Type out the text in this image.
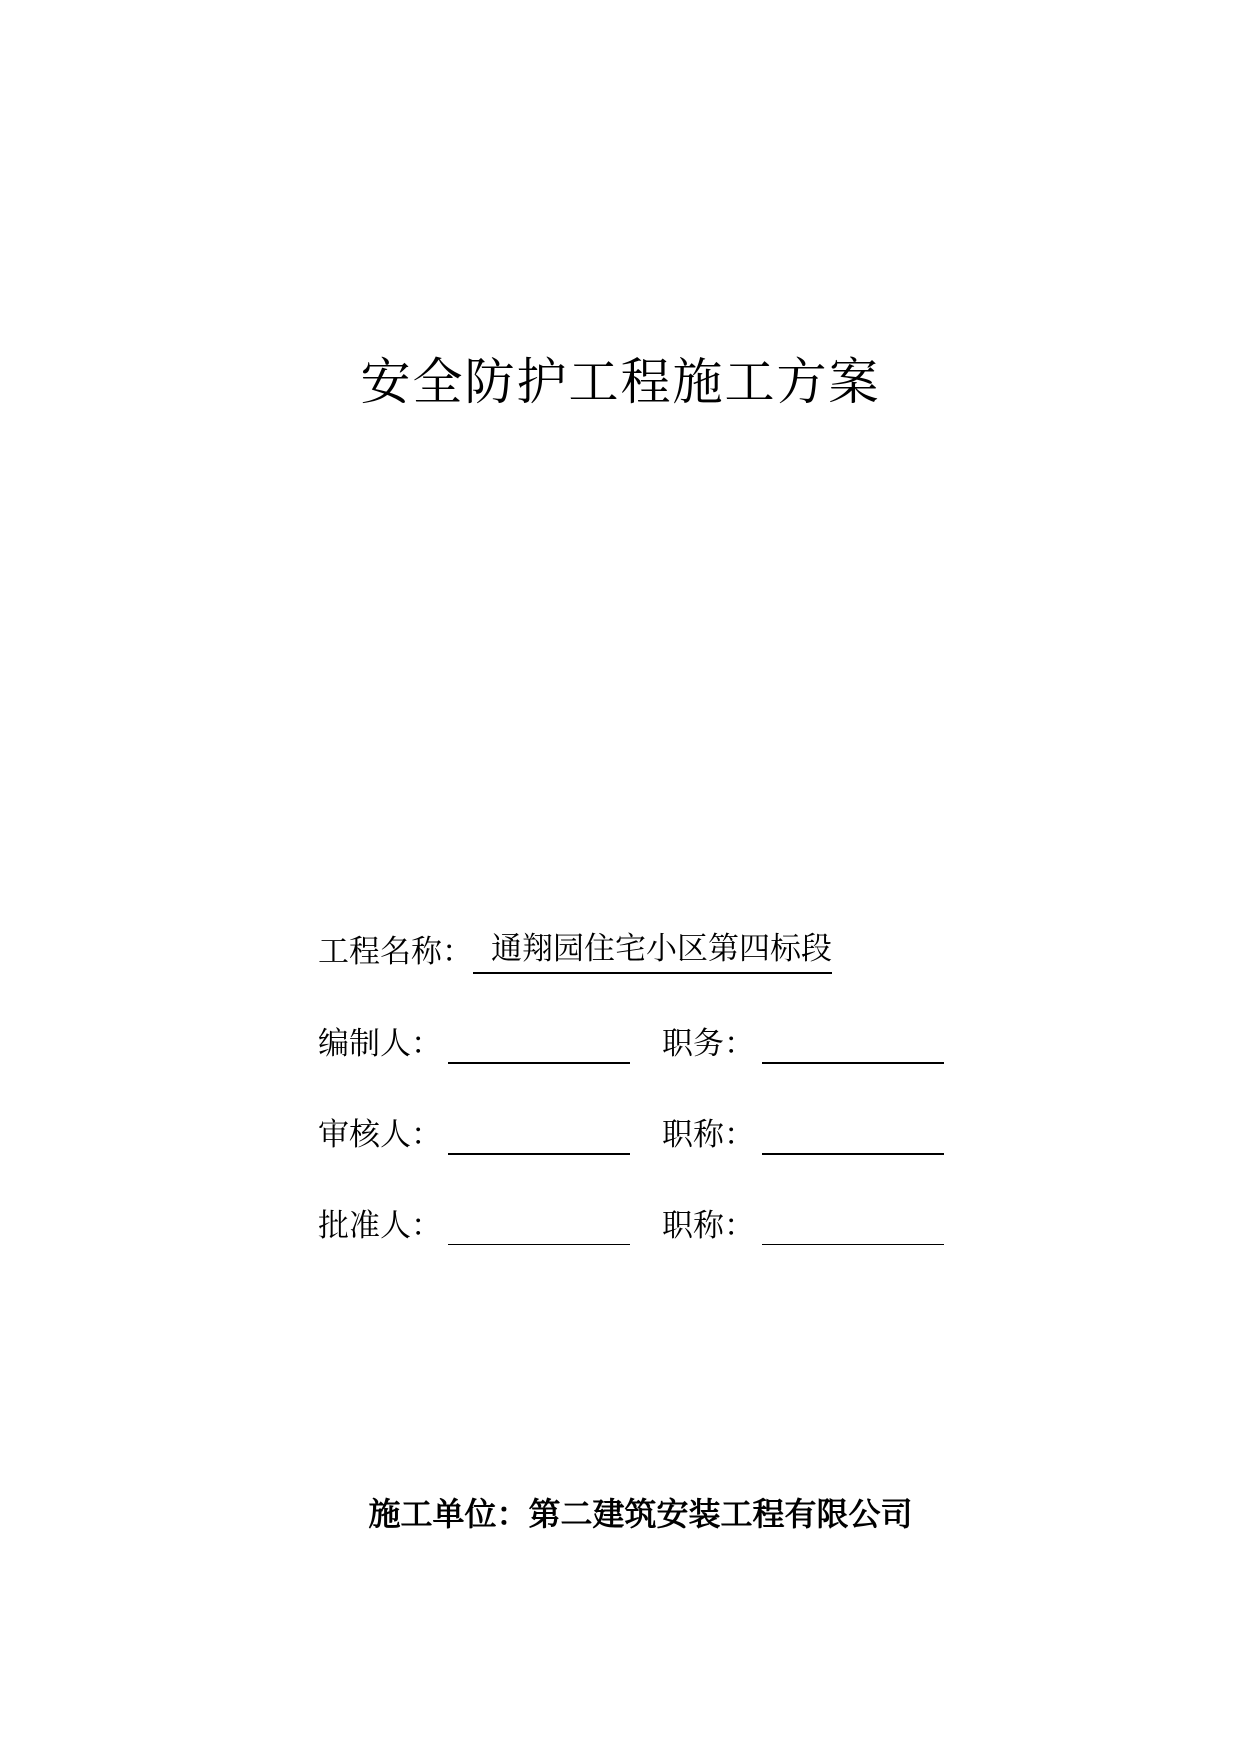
安全防护工程施工方案
工程名称： 通翔园住宅小区第四标段
编制人：	职务：
审核人：	职称：
批准人：	职称：
施工单位：第二建筑安装工程有限公司
